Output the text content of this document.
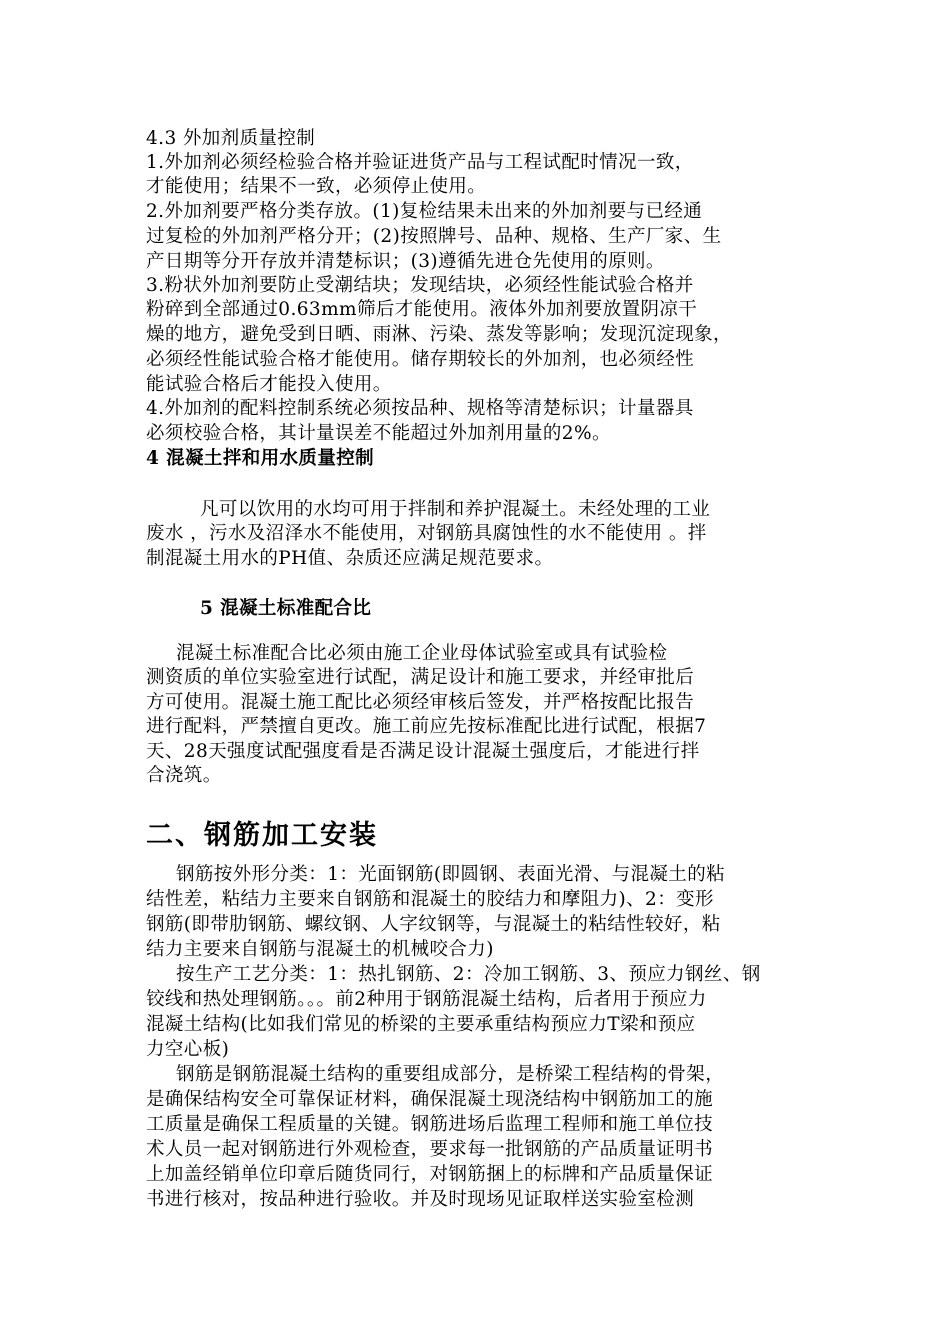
4.3 外加剂质量控制
1.外加剂必须经检验合格并验证进货产品与工程试配时情况一致，
才能使用；结果不一致，必须停止使用。
2.外加剂要严格分类存放。(1)复检结果未出来的外加剂要与已经通
过复检的外加剂严格分开；(2)按照牌号、品种、规格、生产厂家、生
产日期等分开存放并清楚标识；(3)遵循先进仓先使用的原则。
3.粉状外加剂要防止受潮结块；发现结块，必须经性能试验合格并
粉碎到全部通过0.63mm筛后才能使用。液体外加剂要放置阴凉干
燥的地方，避免受到日晒、雨淋、污染、蒸发等影响；发现沉淀现象，
必须经性能试验合格才能使用。储存期较长的外加剂，也必须经性
能试验合格后才能投入使用。
4.外加剂的配料控制系统必须按品种、规格等清楚标识；计量器具
必须校验合格，其计量误差不能超过外加剂用量的2%。
4 混凝土拌和用水质量控制
凡可以饮用的水均可用于拌制和养护混凝土。未经处理的工业
废水 ，污水及沼泽水不能使用，对钢筋具腐蚀性的水不能使用 。拌
制混凝土用水的PH值、杂质还应满足规范要求。
5 混凝土标准配合比
混凝土标准配合比必须由施工企业母体试验室或具有试验检
测资质的单位实验室进行试配，满足设计和施工要求，并经审批后
方可使用。混凝土施工配比必须经审核后签发，并严格按配比报告
进行配料，严禁擅自更改。施工前应先按标准配比进行试配，根据7
天、28天强度试配强度看是否满足设计混凝土强度后，才能进行拌
合浇筑。
二、钢筋加工安装
钢筋按外形分类：1：光面钢筋(即圆钢、表面光滑、与混凝土的粘
结性差，粘结力主要来自钢筋和混凝土的胶结力和摩阻力)、2：变形
钢筋(即带肋钢筋、螺纹钢、人字纹钢等，与混凝土的粘结性较好，粘
结力主要来自钢筋与混凝土的机械咬合力)
按生产工艺分类：1：热扎钢筋、2：冷加工钢筋、3、预应力钢丝、钢
铰线和热处理钢筋。。。前2种用于钢筋混凝土结构，后者用于预应力
混凝土结构(比如我们常见的桥梁的主要承重结构预应力T梁和预应
力空心板)
钢筋是钢筋混凝土结构的重要组成部分，是桥梁工程结构的骨架，
是确保结构安全可靠保证材料，确保混凝土现浇结构中钢筋加工的施
工质量是确保工程质量的关键。钢筋进场后监理工程师和施工单位技
术人员一起对钢筋进行外观检查，要求每一批钢筋的产品质量证明书
上加盖经销单位印章后随货同行，对钢筋捆上的标牌和产品质量保证
书进行核对，按品种进行验收。并及时现场见证取样送实验室检测
